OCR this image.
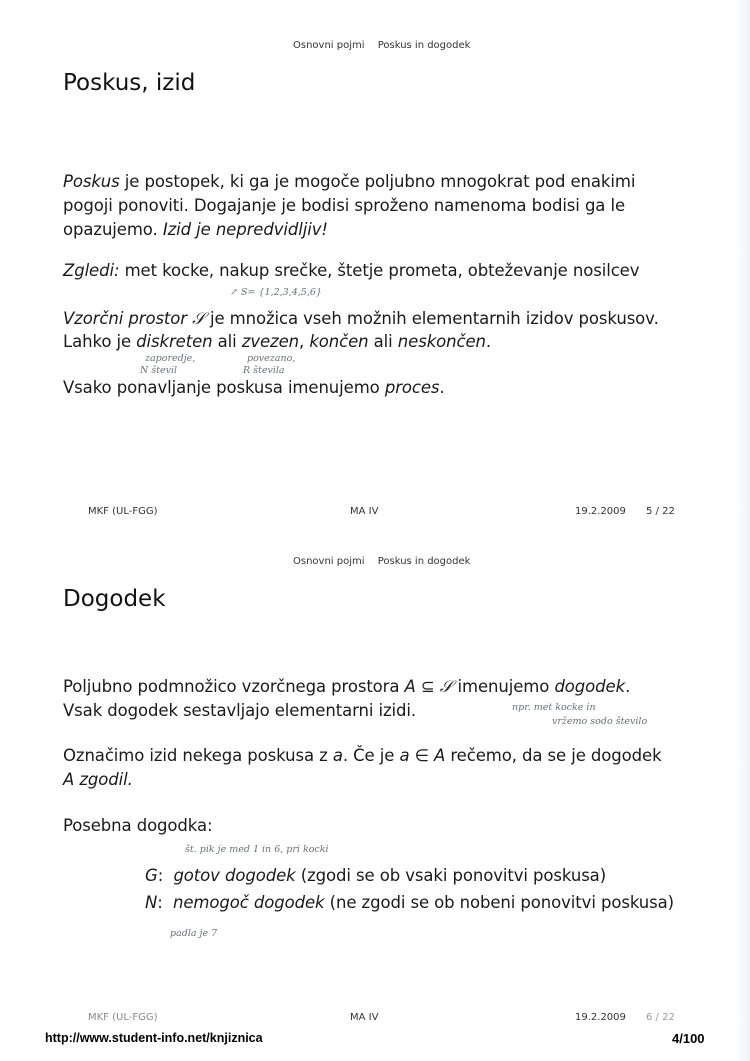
Osnovni pojmi Poskus in dogodek
Poskus, izid
Poskus je postopek, ki ga je mogoče poljubno mnogokrat pod enakimi
pogoji ponoviti. Dogajanje je bodisi sproženo namenoma bodisi ga le
opazujemo. Izid je nepredvidljiv!
Zgledi: met kocke, nakup srečke, štetje prometa, obteževanje nosilcev
Vzorčni prostor 𝒮 je množica vseh možnih elementarnih izidov poskusov.
Lahko je diskreten ali zvezen, končen ali neskončen.
Vsako ponavljanje poskusa imenujemo proces.
↗ S= {1,2,3,4,5,6}
zaporedje,
N števil
povezano,
R števila
MKF (UL-FGG)	MA IV	19.2.2009 5 / 22
Osnovni pojmi Poskus in dogodek
Dogodek
Poljubno podmnožico vzorčnega prostora A ⊆ 𝒮 imenujemo dogodek.
Vsak dogodek sestavljajo elementarni izidi.
Označimo izid nekega poskusa z a. Če je a ∈ A rečemo, da se je dogodek
A zgodil.
Posebna dogodka:
G:  gotov dogodek (zgodi se ob vsaki ponovitvi poskusa)
N:  nemogoč dogodek (ne zgodi se ob nobeni ponovitvi poskusa)
npr. met kocke in
vržemo sodo število
št. pik je med 1 in 6, pri kocki
padla je 7
MKF (UL-FGG)	MA IV	19.2.2009 6 / 22
http://www.student-info.net/knjiznica	4/100
